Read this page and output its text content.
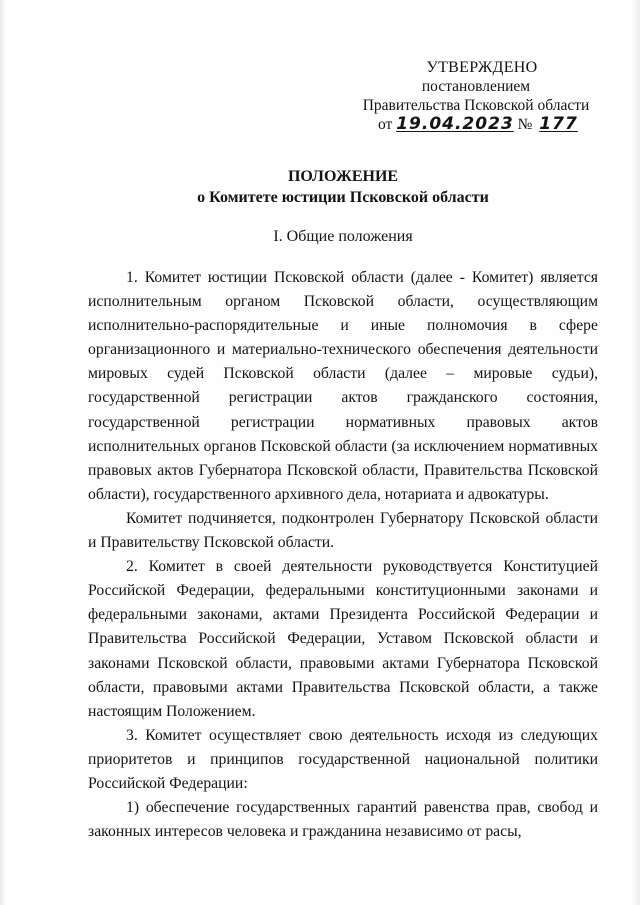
УТВЕРЖДЕНО
постановлением
Правительства Псковской области
от 19.04.2023 № 177
ПОЛОЖЕНИЕ
о Комитете юстиции Псковской области
I. Общие положения

1. Комитет юстиции Псковской области (далее - Комитет) является исполнительным органом Псковской области, осуществляющим исполнительно-распорядительные и иные полномочия в сфере организационного и материально-технического обеспечения деятельности мировых судей Псковской области (далее – мировые судьи), государственной регистрации актов гражданского состояния, государственной регистрации нормативных правовых актов исполнительных органов Псковской области (за исключением нормативных правовых актов Губернатора Псковской области, Правительства Псковской области), государственного архивного дела, нотариата и адвокатуры.

Комитет подчиняется, подконтролен Губернатору Псковской области и Правительству Псковской области.

2. Комитет в своей деятельности руководствуется Конституцией Российской Федерации, федеральными конституционными законами и федеральными законами, актами Президента Российской Федерации и Правительства Российской Федерации, Уставом Псковской области и законами Псковской области, правовыми актами Губернатора Псковской области, правовыми актами Правительства Псковской области, а также настоящим Положением.

3. Комитет осуществляет свою деятельность исходя из следующих приоритетов и принципов государственной национальной политики Российской Федерации:

1) обеспечение государственных гарантий равенства прав, свобод и законных интересов человека и гражданина независимо от расы,
